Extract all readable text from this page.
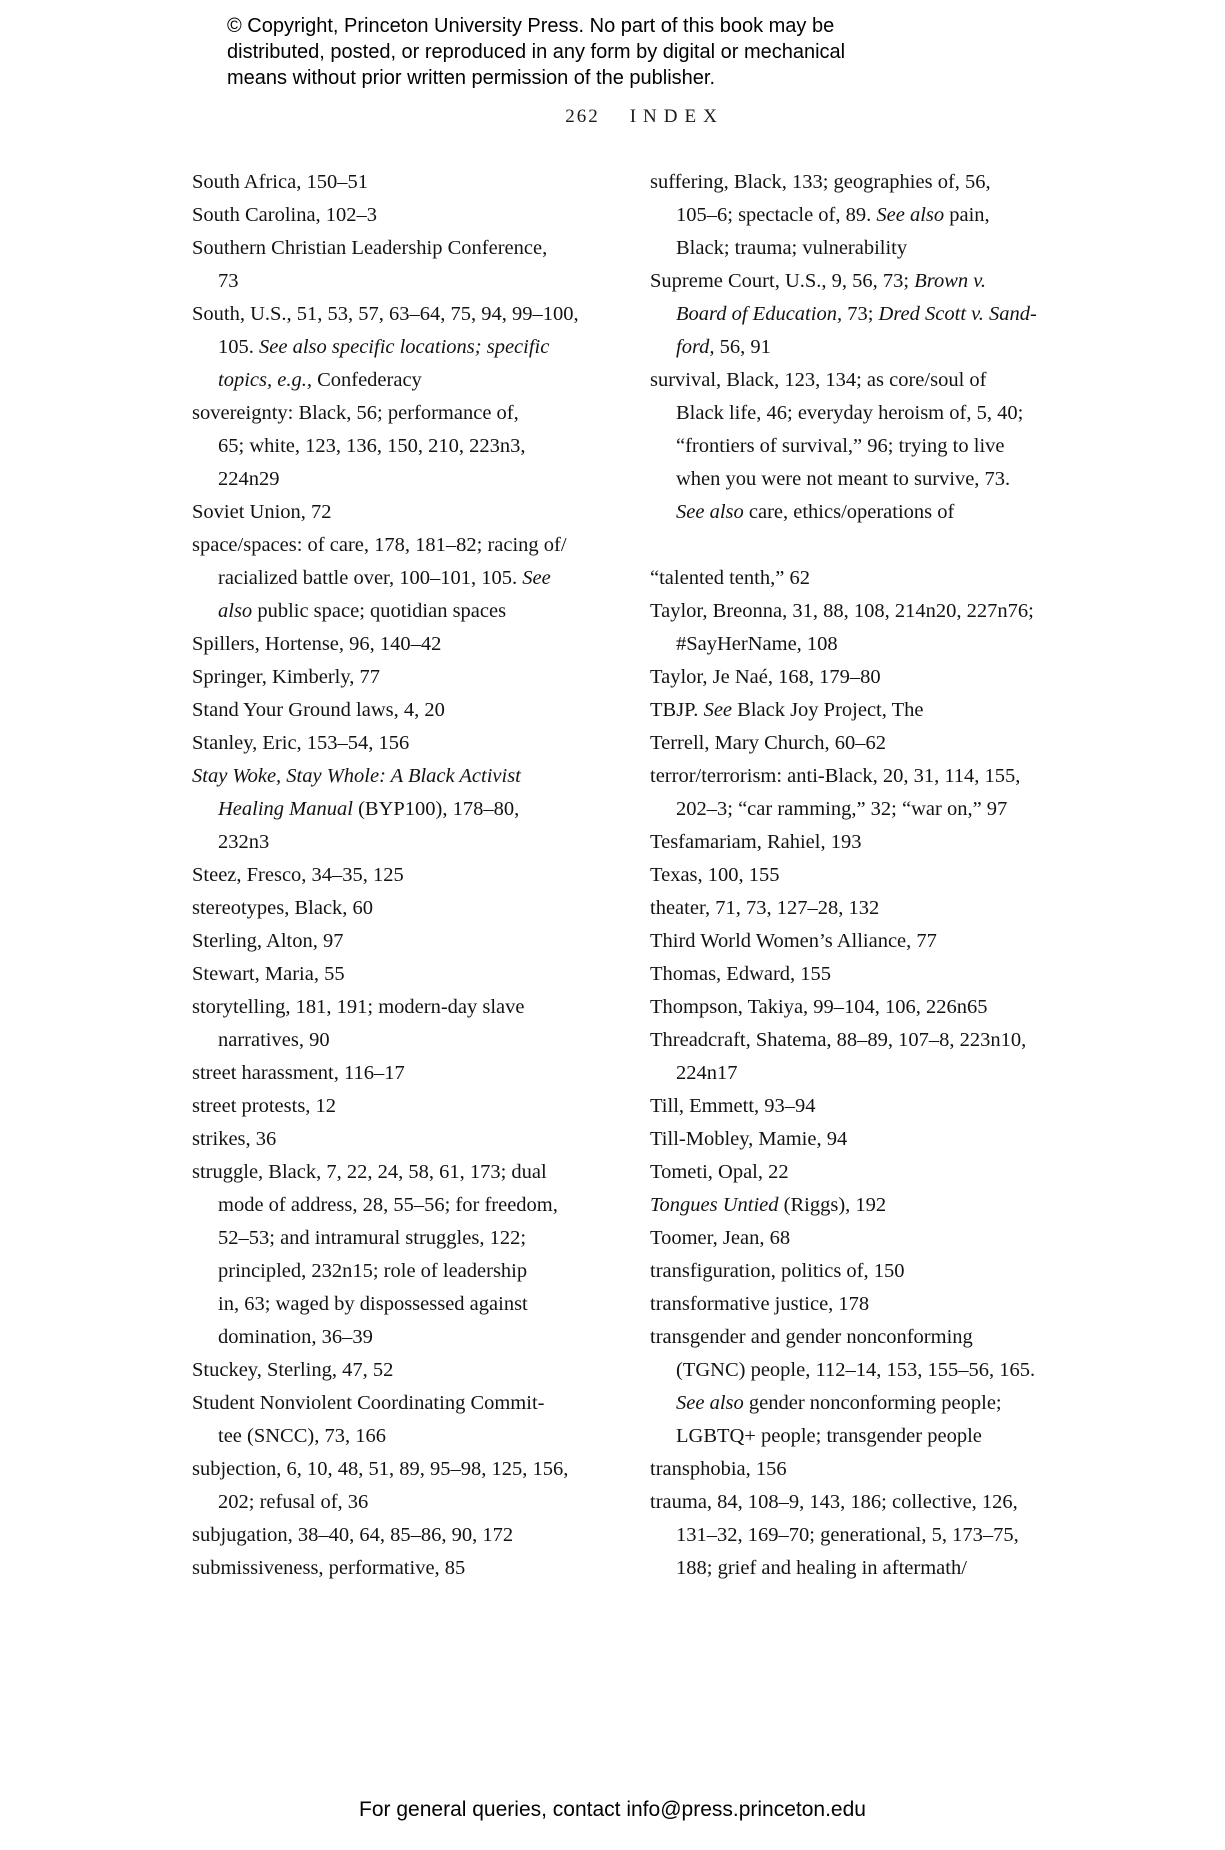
© Copyright, Princeton University Press. No part of this book may be
distributed, posted, or reproduced in any form by digital or mechanical
means without prior written permission of the publisher.
262 INDEX
South Africa, 150–51
South Carolina, 102–3
Southern Christian Leadership Conference,
73
South, U.S., 51, 53, 57, 63–64, 75, 94, 99–100,
105. See also specific locations; specific
topics, e.g., Confederacy
sovereignty: Black, 56; performance of,
65; white, 123, 136, 150, 210, 223n3,
224n29
Soviet Union, 72
space/spaces: of care, 178, 181–82; racing of/
racialized battle over, 100–101, 105. See
also public space; quotidian spaces
Spillers, Hortense, 96, 140–42
Springer, Kimberly, 77
Stand Your Ground laws, 4, 20
Stanley, Eric, 153–54, 156
Stay Woke, Stay Whole: A Black Activist
Healing Manual (BYP100), 178–80,
232n3
Steez, Fresco, 34–35, 125
stereotypes, Black, 60
Sterling, Alton, 97
Stewart, Maria, 55
storytelling, 181, 191; modern-day slave
narratives, 90
street harassment, 116–17
street protests, 12
strikes, 36
struggle, Black, 7, 22, 24, 58, 61, 173; dual
mode of address, 28, 55–56; for freedom,
52–53; and intramural struggles, 122;
principled, 232n15; role of leadership
in, 63; waged by dispossessed against
domination, 36–39
Stuckey, Sterling, 47, 52
Student Nonviolent Coordinating Commit-
tee (SNCC), 73, 166
subjection, 6, 10, 48, 51, 89, 95–98, 125, 156,
202; refusal of, 36
subjugation, 38–40, 64, 85–86, 90, 172
submissiveness, performative, 85
suffering, Black, 133; geographies of, 56,
105–6; spectacle of, 89. See also pain,
Black; trauma; vulnerability
Supreme Court, U.S., 9, 56, 73; Brown v.
Board of Education, 73; Dred Scott v. Sand-
ford, 56, 91
survival, Black, 123, 134; as core/soul of
Black life, 46; everyday heroism of, 5, 40;
“frontiers of survival,” 96; trying to live
when you were not meant to survive, 73.
See also care, ethics/operations of
“talented tenth,” 62
Taylor, Breonna, 31, 88, 108, 214n20, 227n76;
#SayHerName, 108
Taylor, Je Naé, 168, 179–80
TBJP. See Black Joy Project, The
Terrell, Mary Church, 60–62
terror/terrorism: anti-Black, 20, 31, 114, 155,
202–3; “car ramming,” 32; “war on,” 97
Tesfamariam, Rahiel, 193
Texas, 100, 155
theater, 71, 73, 127–28, 132
Third World Women’s Alliance, 77
Thomas, Edward, 155
Thompson, Takiya, 99–104, 106, 226n65
Threadcraft, Shatema, 88–89, 107–8, 223n10,
224n17
Till, Emmett, 93–94
Till-Mobley, Mamie, 94
Tometi, Opal, 22
Tongues Untied (Riggs), 192
Toomer, Jean, 68
transfiguration, politics of, 150
transformative justice, 178
transgender and gender nonconforming
(TGNC) people, 112–14, 153, 155–56, 165.
See also gender nonconforming people;
LGBTQ+ people; transgender people
transphobia, 156
trauma, 84, 108–9, 143, 186; collective, 126,
131–32, 169–70; generational, 5, 173–75,
188; grief and healing in aftermath/
For general queries, contact info@press.princeton.edu
